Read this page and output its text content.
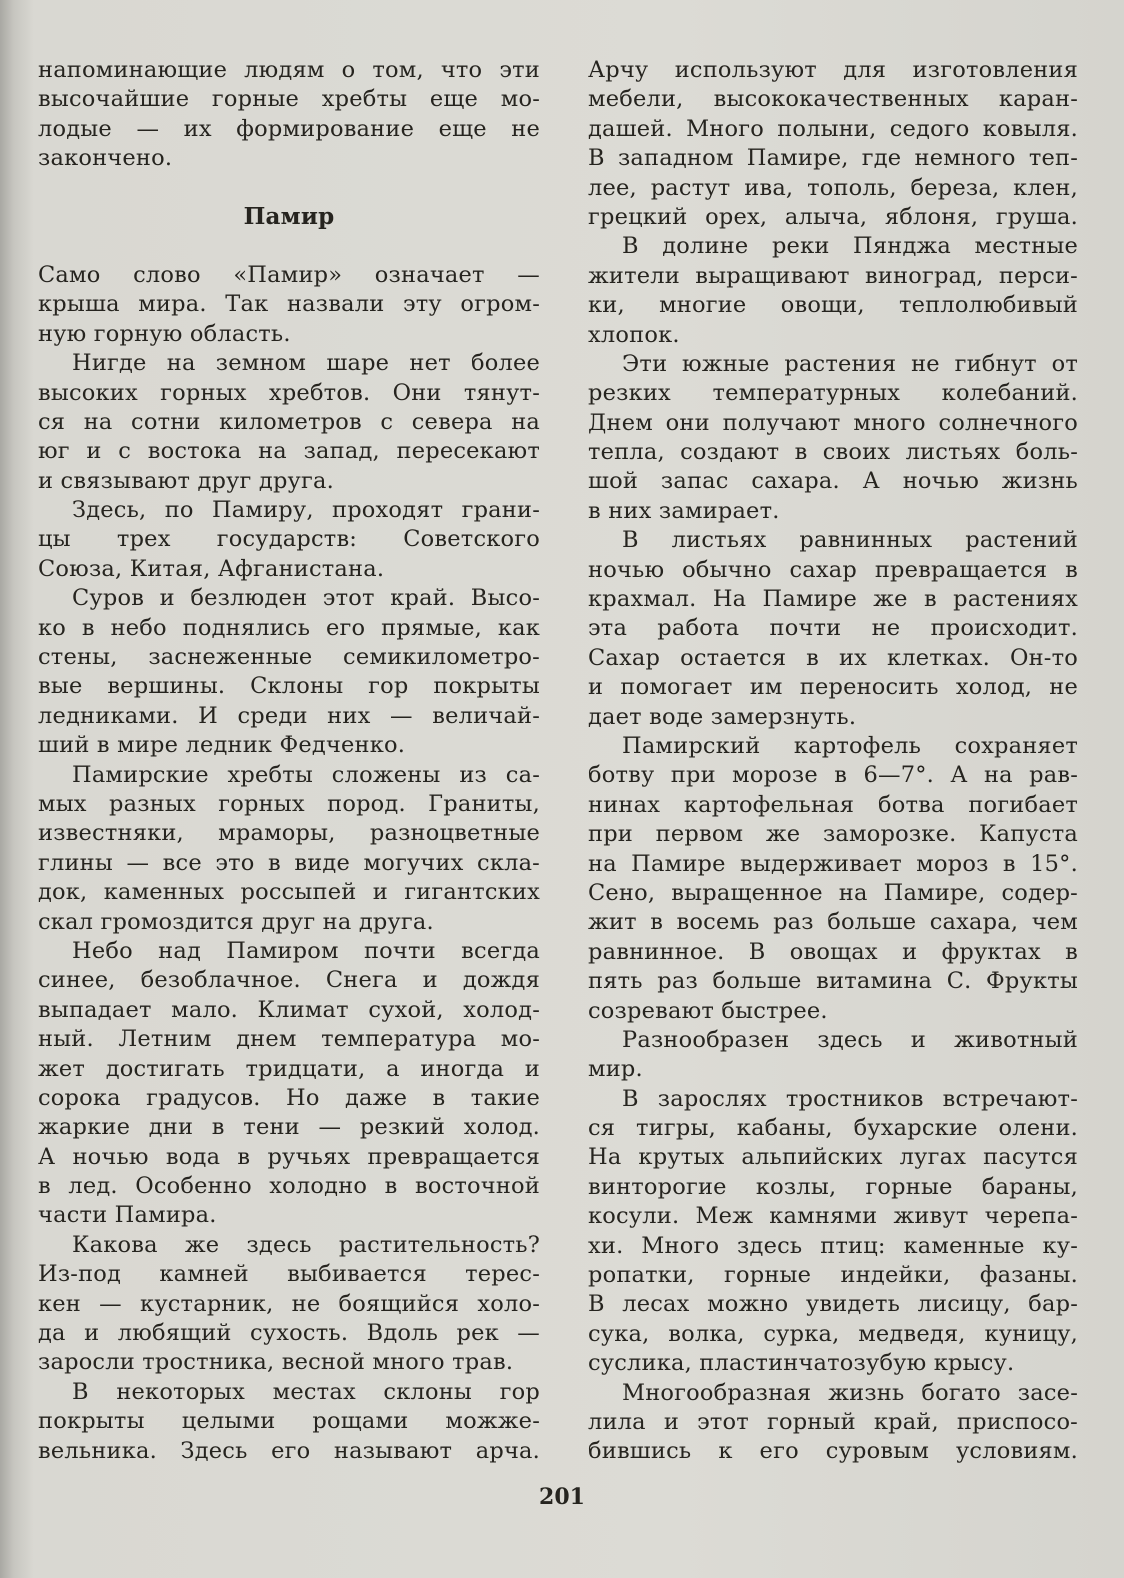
напоминающие людям о том, что эти
высочайшие горные хребты еще мо-
лодые — их формирование еще не
закончено.
Памир
Само слово «Памир» означает —
крыша мира. Так назвали эту огром-
ную горную область.
Нигде на земном шаре нет более
высоких горных хребтов. Они тянут-
ся на сотни километров с севера на
юг и с востока на запад, пересекают
и связывают друг друга.
Здесь, по Памиру, проходят грани-
цы трех государств: Советского
Союза, Китая, Афганистана.
Суров и безлюден этот край. Высо-
ко в небо поднялись его прямые, как
стены, заснеженные семикилометро-
вые вершины. Склоны гор покрыты
ледниками. И среди них — величай-
ший в мире ледник Федченко.
Памирские хребты сложены из са-
мых разных горных пород. Граниты,
известняки, мраморы, разноцветные
глины — все это в виде могучих скла-
док, каменных россыпей и гигантских
скал громоздится друг на друга.
Небо над Памиром почти всегда
синее, безоблачное. Снега и дождя
выпадает мало. Климат сухой, холод-
ный. Летним днем температура мо-
жет достигать тридцати, а иногда и
сорока градусов. Но даже в такие
жаркие дни в тени — резкий холод.
А ночью вода в ручьях превращается
в лед. Особенно холодно в восточной
части Памира.
Какова же здесь растительность?
Из-под камней выбивается терес-
кен — кустарник, не боящийся холо-
да и любящий сухость. Вдоль рек —
заросли тростника, весной много трав.
В некоторых местах склоны гор
покрыты целыми рощами можже-
вельника. Здесь его называют арча.
Арчу используют для изготовления
мебели, высококачественных каран-
дашей. Много полыни, седого ковыля.
В западном Памире, где немного теп-
лее, растут ива, тополь, береза, клен,
грецкий орех, алыча, яблоня, груша.
В долине реки Пянджа местные
жители выращивают виноград, перси-
ки, многие овощи, теплолюбивый
хлопок.
Эти южные растения не гибнут от
резких температурных колебаний.
Днем они получают много солнечного
тепла, создают в своих листьях боль-
шой запас сахара. А ночью жизнь
в них замирает.
В листьях равнинных растений
ночью обычно сахар превращается в
крахмал. На Памире же в растениях
эта работа почти не происходит.
Сахар остается в их клетках. Он-то
и помогает им переносить холод, не
дает воде замерзнуть.
Памирский картофель сохраняет
ботву при морозе в 6—7°. А на рав-
нинах картофельная ботва погибает
при первом же заморозке. Капуста
на Памире выдерживает мороз в 15°.
Сено, выращенное на Памире, содер-
жит в восемь раз больше сахара, чем
равнинное. В овощах и фруктах в
пять раз больше витамина С. Фрукты
созревают быстрее.
Разнообразен здесь и животный
мир.
В зарослях тростников встречают-
ся тигры, кабаны, бухарские олени.
На крутых альпийских лугах пасутся
винторогие козлы, горные бараны,
косули. Меж камнями живут черепа-
хи. Много здесь птиц: каменные ку-
ропатки, горные индейки, фазаны.
В лесах можно увидеть лисицу, бар-
сука, волка, сурка, медведя, куницу,
суслика, пластинчатозубую крысу.
Многообразная жизнь богато засе-
лила и этот горный край, приспосо-
бившись к его суровым условиям.
201
